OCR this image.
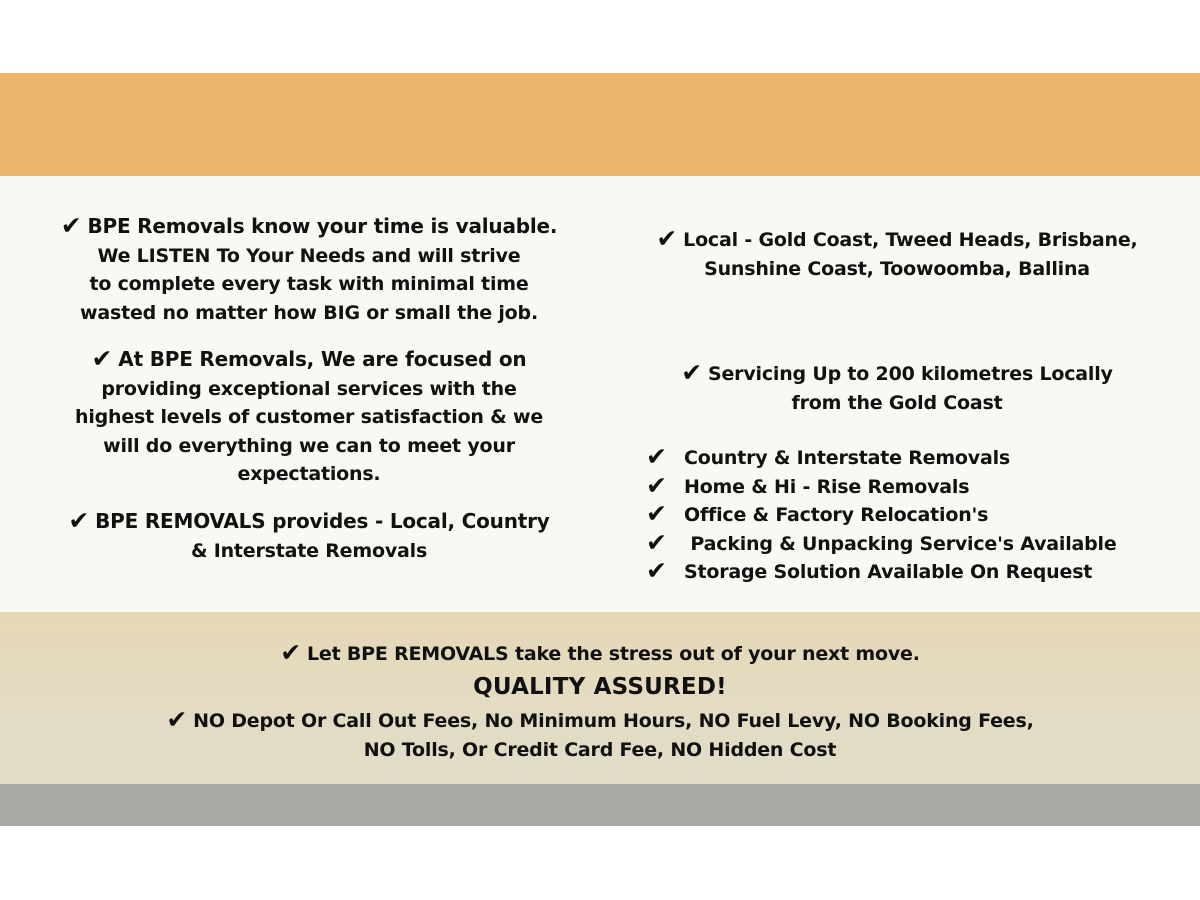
✔ BPE Removals know your time is valuable.
We LISTEN To Your Needs and will strive
to complete every task with minimal time
wasted no matter how BIG or small the job.
✔ At BPE Removals, We are focused on
providing exceptional services with the
highest levels of customer satisfaction & we
will do everything we can to meet your
expectations.
✔ BPE REMOVALS provides - Local, Country
& Interstate Removals
✔ Local - Gold Coast, Tweed Heads, Brisbane,
Sunshine Coast, Toowoomba, Ballina
✔ Servicing Up to 200 kilometres Locally
from the Gold Coast
✔ Country & Interstate Removals
✔ Home & Hi - Rise Removals
✔ Office & Factory Relocation's
✔ Packing & Unpacking Service's Available
✔ Storage Solution Available On Request
✔ Let BPE REMOVALS take the stress out of your next move.
QUALITY ASSURED!
✔ NO Depot Or Call Out Fees, No Minimum Hours, NO Fuel Levy, NO Booking Fees,
NO Tolls, Or Credit Card Fee, NO Hidden Cost
